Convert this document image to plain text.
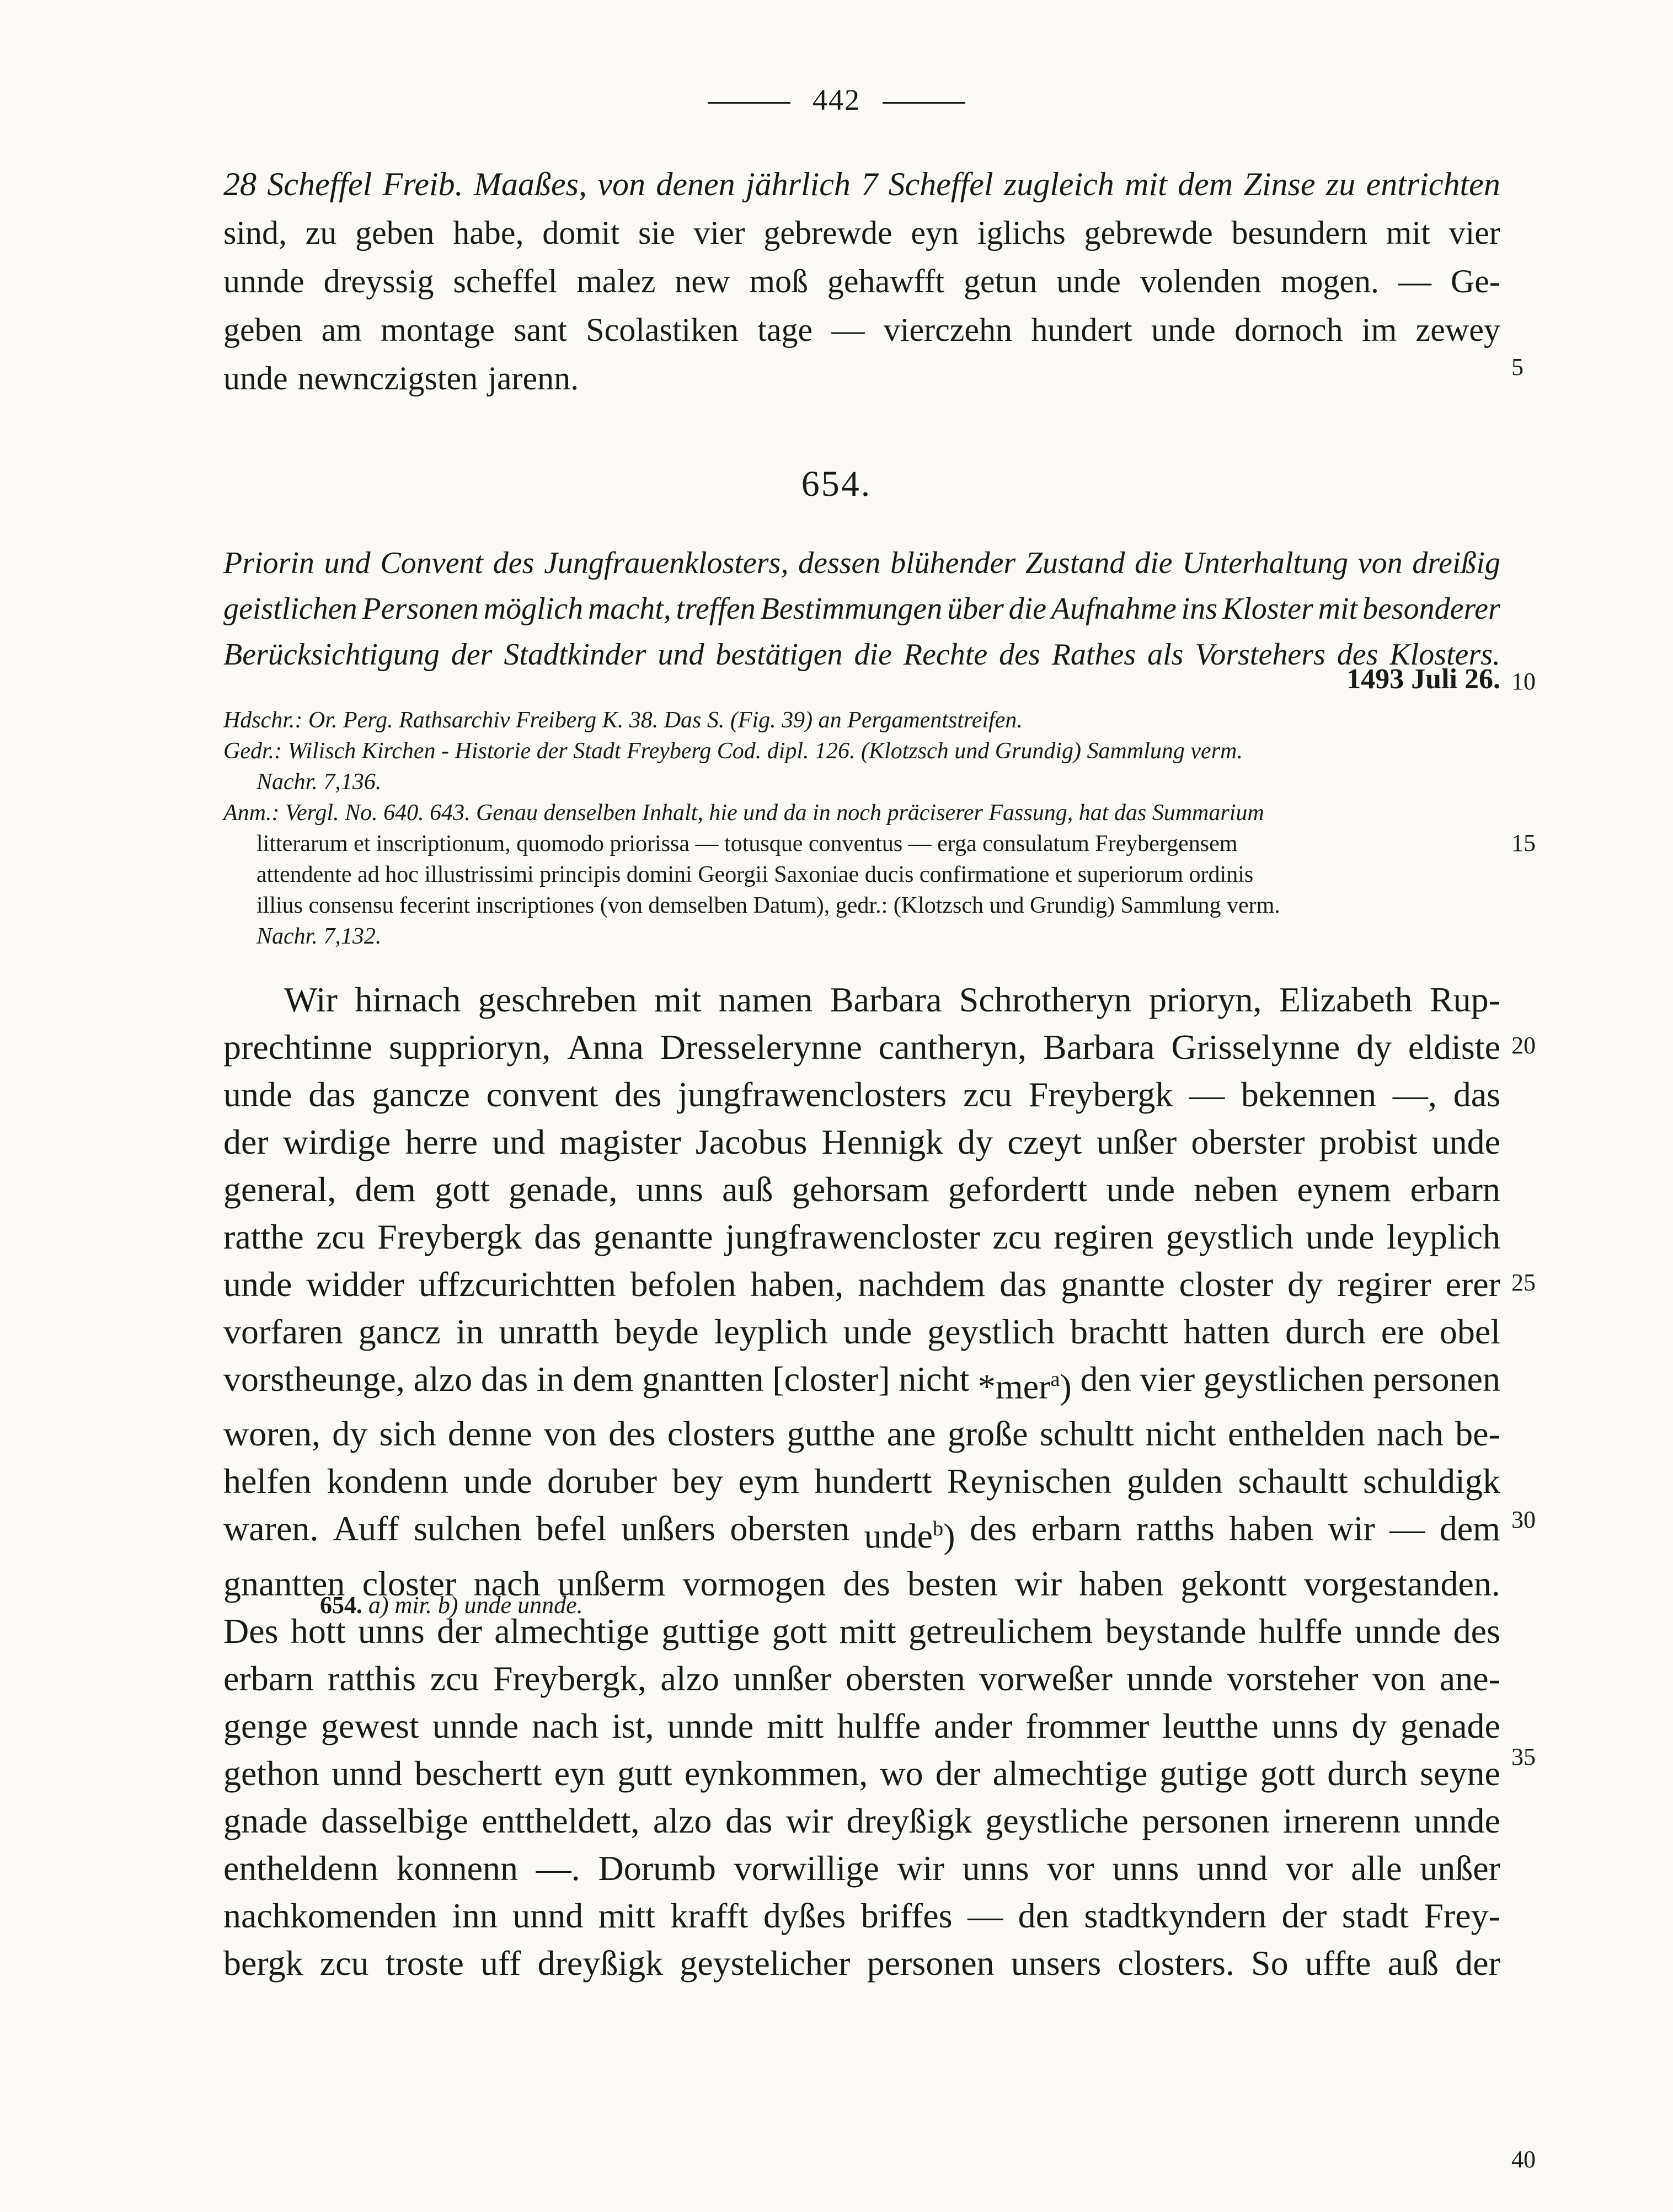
442
28 Scheffel Freib. Maaßes, von denen jährlich 7 Scheffel zugleich mit dem Zinse zu entrichten
sind, zu geben habe, domit sie vier gebrewde eyn iglichs gebrewde besundern mit vier
unnde dreyssig scheffel malez new moß gehawfft getun unde volenden mogen. — Ge-
geben am montage sant Scolastiken tage — vierczehn hundert unde dornoch im zewey
unde newnczigsten jarenn.	5
654.
Priorin und Convent des Jungfrauenklosters, dessen blühender Zustand die Unterhaltung von dreißig
geistlichen Personen möglich macht, treffen Bestimmungen über die Aufnahme ins Kloster mit besonderer
Berücksichtigung der Stadtkinder und bestätigen die Rechte des Rathes als Vorstehers des Klosters.
1493 Juli 26. 10
Hdschr.: Or. Perg. Rathsarchiv Freiberg K. 38. Das S. (Fig. 39) an Pergamentstreifen.
Gedr.: Wilisch Kirchen - Historie der Stadt Freyberg Cod. dipl. 126. (Klotzsch und Grundig) Sammlung verm.
Nachr. 7,136.
Anm.: Vergl. No. 640. 643. Genau denselben Inhalt, hie und da in noch präciserer Fassung, hat das Summarium
litterarum et inscriptionum, quomodo priorissa — totusque conventus — erga consulatum Freybergensem
attendente ad hoc illustrissimi principis domini Georgii Saxoniae ducis confirmatione et superiorum ordinis
illius consensu fecerint inscriptiones (von demselben Datum), gedr.: (Klotzsch und Grundig) Sammlung verm.
Nachr. 7,132.
15
Wir hirnach geschreben mit namen Barbara Schrotheryn prioryn, Elizabeth Rup-
prechtinne supprioryn, Anna Dresselerynne cantheryn, Barbara Grisselynne dy eldiste
unde das gancze convent des jungfrawenclosters zcu Freybergk — bekennen —, das
der wirdige herre und magister Jacobus Hennigk dy czeyt unßer oberster probist unde
general, dem gott genade, unns auß gehorsam gefordertt unde neben eynem erbarn
ratthe zcu Freybergk das genantte jungfrawencloster zcu regiren geystlich unde leyplich
unde widder uffzcurichtten befolen haben, nachdem das gnantte closter dy regirer erer
vorfaren gancz in unratth beyde leyplich unde geystlich brachtt hatten durch ere obel
vorstheunge, alzo das in dem gnantten [closter] nicht *mer$^a$) den vier geystlichen personen
woren, dy sich denne von des closters gutthe ane große schultt nicht enthelden nach be-
helfen kondenn unde doruber bey eym hundertt Reynischen gulden schaultt schuldigk
waren. Auff sulchen befel unßers obersten unde$^b$) des erbarn ratths haben wir — dem
gnantten closter nach unßerm vormogen des besten wir haben gekontt vorgestanden.
Des hott unns der almechtige guttige gott mitt getreulichem beystande hulffe unnde des
erbarn ratthis zcu Freybergk, alzo unnßer obersten vorweßer unnde vorsteher von ane-
genge gewest unnde nach ist, unnde mitt hulffe ander frommer leutthe unns dy genade
gethon unnd beschertt eyn gutt eynkommen, wo der almechtige gutige gott durch seyne
gnade dasselbige enttheldett, alzo das wir dreyßigk geystliche personen irnerenn unnde
entheldenn konnenn —. Dorumb vorwillige wir unns vor unns unnd vor alle unßer
nachkomenden inn unnd mitt krafft dyßes briffes — den stadtkyndern der stadt Frey-
bergk zcu troste uff dreyßigk geystelicher personen unsers closters. So uffte auß der
20
25
30
35
654. a) mir. b) unde unnde.
40
